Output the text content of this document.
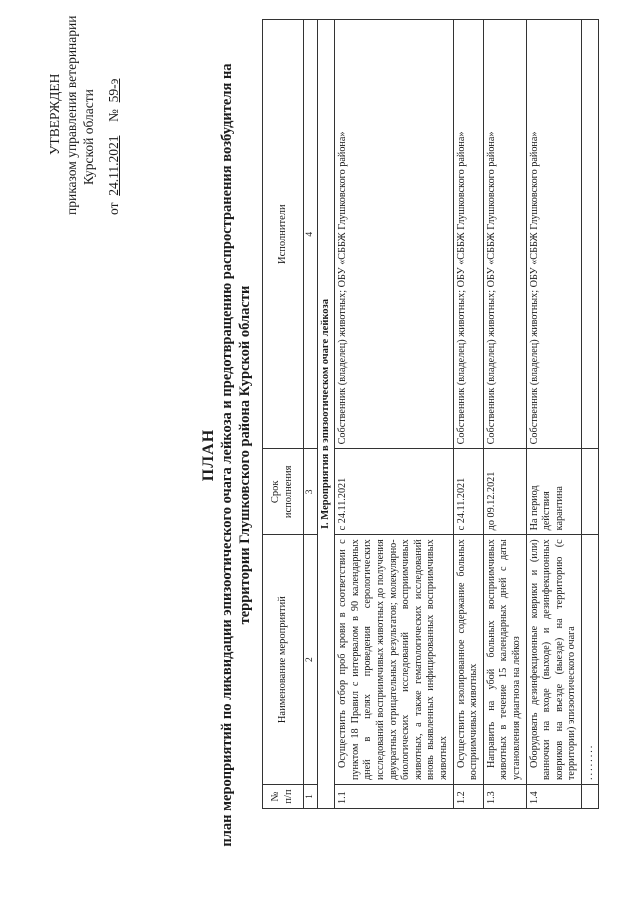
УТВЕРЖДЕН приказом управления ветеринарии Курской области
от  24.11.2021    №  59-э
ПЛАН план мероприятий по ликвидации эпизоотического очага лейкоза и предотвращению распространения возбудителя на территории Глушковского района Курской области
№ п/п	Наименование мероприятий	Срок исполнения	Исполнители
1	2	3	4
I. Мероприятия в эпизоотическом очаге лейкоза			
1.1	Осуществить отбор проб крови в соответствии с пунктом 18 Правил с интервалом в 90 календарных дней в целях проведения серологических исследований восприимчивых животных до получения двукратных отрицательных результатов; молекулярно-биологических исследований восприимчивых животных, а также гематологических исследований вновь выявленных инфицированных восприимчивых животных	с 24.11.2021	Собственник (владелец) животных; ОБУ «СББЖ Глушковского района»
1.2	Осуществить изолированное содержание больных восприимчивых животных	с 24.11.2021	Собственник (владелец) животных; ОБУ «СББЖ Глушковского района»
1.3	Направить на убой больных восприимчивых животных в течение 15 календарных дней с даты установления диагноза на лейкоз	до 09.12.2021	Собственник (владелец) животных; ОБУ «СББЖ Глушковского района»
1.4	Оборудовать дезинфекционные коврики и (или) ванночки на входе (выходе) и дезинфекционных ковриков на въезде (выезде) на территорию (с территории) эпизоотического очага	На период действия карантина	Собственник (владелец) животных; ОБУ «СББЖ Глушковского района»
	........		
